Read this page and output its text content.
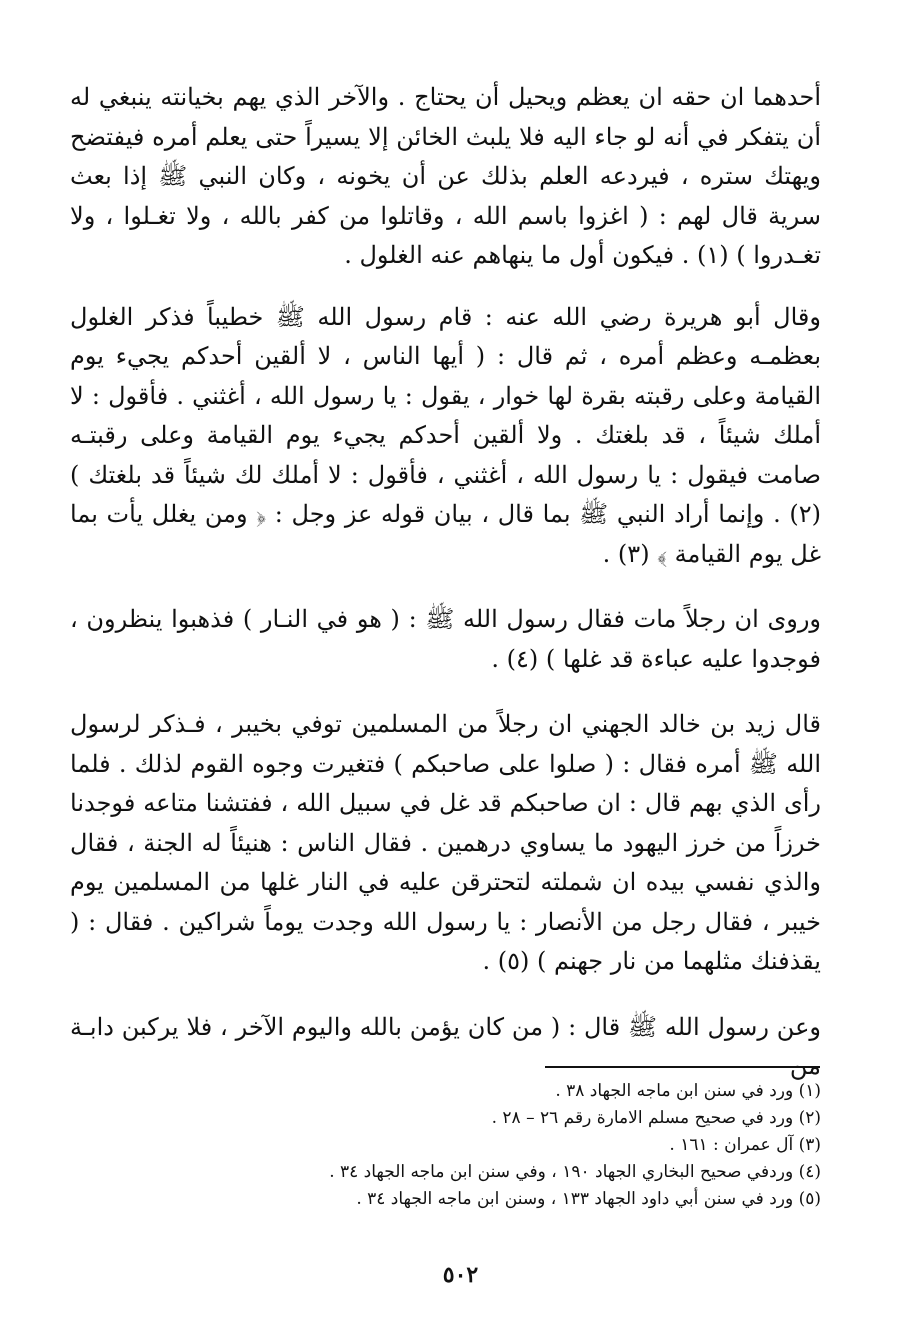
أحدهما ان حقه ان يعظم ويحيل أن يحتاج . والآخر الذي يهم بخيانته ينبغي له أن يتفكر في أنه لو جاء اليه فلا يلبث الخائن إلا يسيراً حتى يعلم أمره فيفتضح ويهتك ستره ، فيردعه العلم بذلك عن أن يخونه ، وكان النبي ﷺ إذا بعث سرية قال لهم : ( اغزوا باسم الله ، وقاتلوا من كفر بالله ، ولا تغـلوا ، ولا تغـدروا ) (١) . فيكون أول ما ينهاهم عنه الغلول .

وقال أبو هريرة رضي الله عنه : قام رسول الله ﷺ خطيباً فذكر الغلول بعظمـه وعظم أمره ، ثم قال : ( أيها الناس ، لا ألقين أحدكم يجيء يوم القيامة وعلى رقبته بقرة لها خوار ، يقول : يا رسول الله ، أغثني . فأقول : لا أملك شيئاً ، قد بلغتك . ولا ألقين أحدكم يجيء يوم القيامة وعلى رقبتـه صامت فيقول : يا رسول الله ، أغثني ، فأقول : لا أملك لك شيئاً قد بلغتك ) (٢) . وإنما أراد النبي ﷺ بما قال ، بيان قوله عز وجل : ﴿ ومن يغلل يأت بما غل يوم القيامة ﴾ (٣) .

وروى ان رجلاً مات فقال رسول الله ﷺ : ( هو في النـار ) فذهبوا ينظرون ، فوجدوا عليه عباءة قد غلها ) (٤) .

قال زيد بن خالد الجهني ان رجلاً من المسلمين توفي بخيبر ، فـذكر لرسول الله ﷺ أمره فقال : ( صلوا على صاحبكم ) فتغيرت وجوه القوم لذلك . فلما رأى الذي بهم قال : ان صاحبكم قد غل في سبيل الله ، ففتشنا متاعه فوجدنا خرزاً من خرز اليهود ما يساوي درهمين . فقال الناس : هنيئاً له الجنة ، فقال والذي نفسي بيده ان شملته لتحترقن عليه في النار غلها من المسلمين يوم خيبر ، فقال رجل من الأنصار : يا رسول الله وجدت يوماً شراكين . فقال : ( يقذفنك مثلهما من نار جهنم ) (٥) .

وعن رسول الله ﷺ قال : ( من كان يؤمن بالله واليوم الآخر ، فلا يركبن دابـة من

(١) ورد في سنن ابن ماجه الجهاد ٣٨ .
(٢) ورد في صحيح مسلم الامارة رقم ٢٦ – ٢٨ .
(٣) آل عمران : ١٦١ .
(٤) وردفي صحيح البخاري الجهاد ١٩٠ ، وفي سنن ابن ماجه الجهاد ٣٤ .
(٥) ورد في سنن أبي داود الجهاد ١٣٣ ، وسنن ابن ماجه الجهاد ٣٤ .
٥٠٢
